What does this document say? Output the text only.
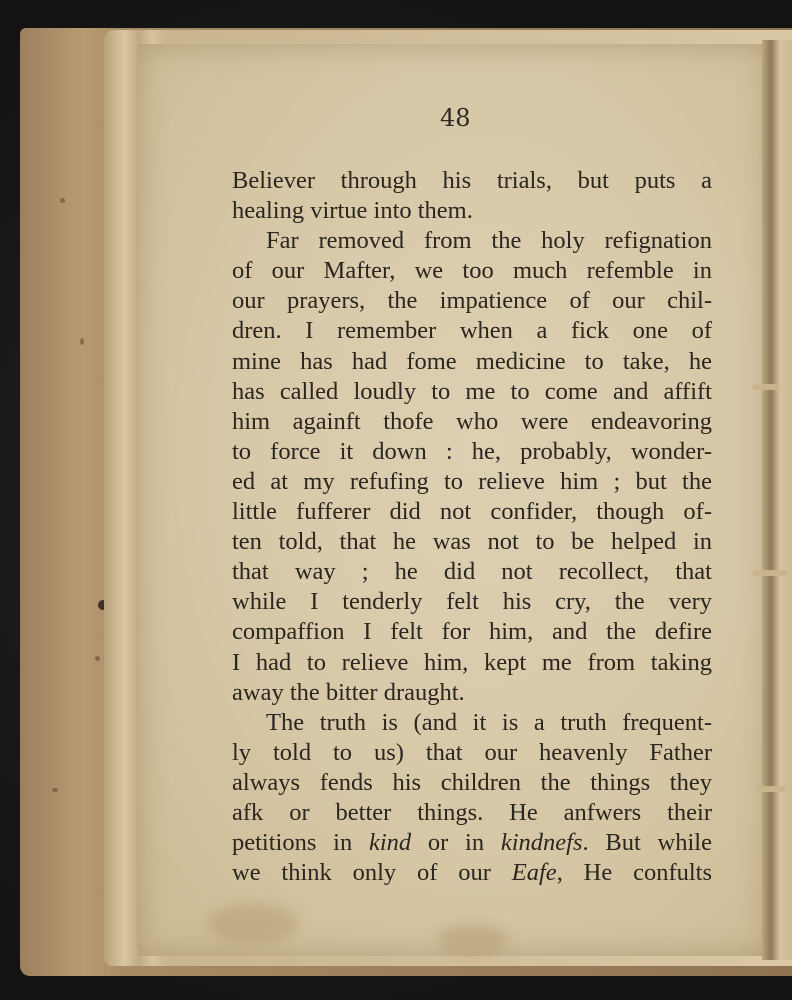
48
Believer through his trials, but puts a
healing virtue into them.
Far removed from the holy refignation
of our Mafter, we too much refemble in
our prayers, the impatience of our chil-
dren. I remember when a fick one of
mine has had fome medicine to take, he
has called loudly to me to come and affift
him againft thofe who were endeavoring
to force it down : he, probably, wonder-
ed at my refufing to relieve him ; but the
little fufferer did not confider, though of-
ten told, that he was not to be helped in
that way ; he did not recollect, that
while I tenderly felt his cry, the very
compaffion I felt for him, and the defire
I had to relieve him, kept me from taking
away the bitter draught.
The truth is (and it is a truth frequent-
ly told to us) that our heavenly Father
always fends his children the things they
afk or better things. He anfwers their
petitions in kind or in kindnefs. But while
we think only of our Eafe, He confults
